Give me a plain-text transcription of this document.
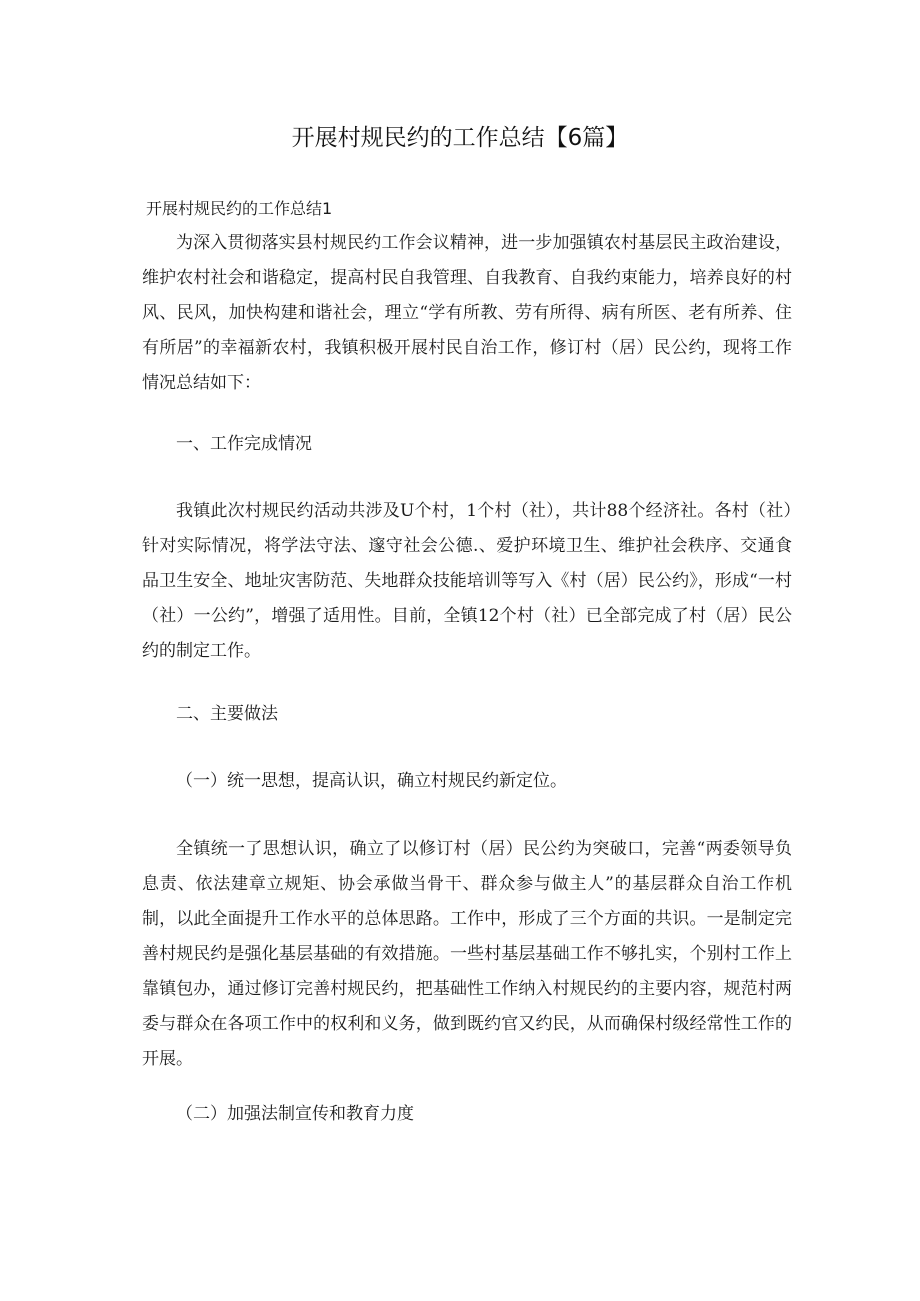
开展村规民约的工作总结【6篇】

开展村规民约的工作总结1

为深入贯彻落实县村规民约工作会议精神，进一步加强镇农村基层民主政治建设，维护农村社会和谐稳定，提高村民自我管理、自我教育、自我约束能力，培养良好的村风、民风，加快构建和谐社会，理立“学有所教、劳有所得、病有所医、老有所养、住有所居”的幸福新农村，我镇积极开展村民自治工作，修订村（居）民公约，现将工作情况总结如下：

一、工作完成情况

我镇此次村规民约活动共涉及U个村，1个村（社），共计88个经济社。各村（社）针对实际情况，将学法守法、邃守社会公德.、爱护环境卫生、维护社会秩序、交通食品卫生安全、地址灾害防范、失地群众技能培训等写入《村（居）民公约》，形成“一村（社）一公约”，增强了适用性。目前，全镇12个村（社）已全部完成了村（居）民公约的制定工作。

二、主要做法

（一）统一思想，提高认识，确立村规民约新定位。

全镇统一了思想认识，确立了以修订村（居）民公约为突破口，完善“两委领导负息责、依法建章立规矩、协会承做当骨干、群众参与做主人”的基层群众自治工作机制，以此全面提升工作水平的总体思路。工作中，形成了三个方面的共识。一是制定完善村规民约是强化基层基础的有效措施。一些村基层基础工作不够扎实，个别村工作上靠镇包办，通过修订完善村规民约，把基础性工作纳入村规民约的主要内容，规范村两委与群众在各项工作中的权利和义务，做到既约官又约民，从而确保村级经常性工作的开展。

（二）加强法制宣传和教育力度
